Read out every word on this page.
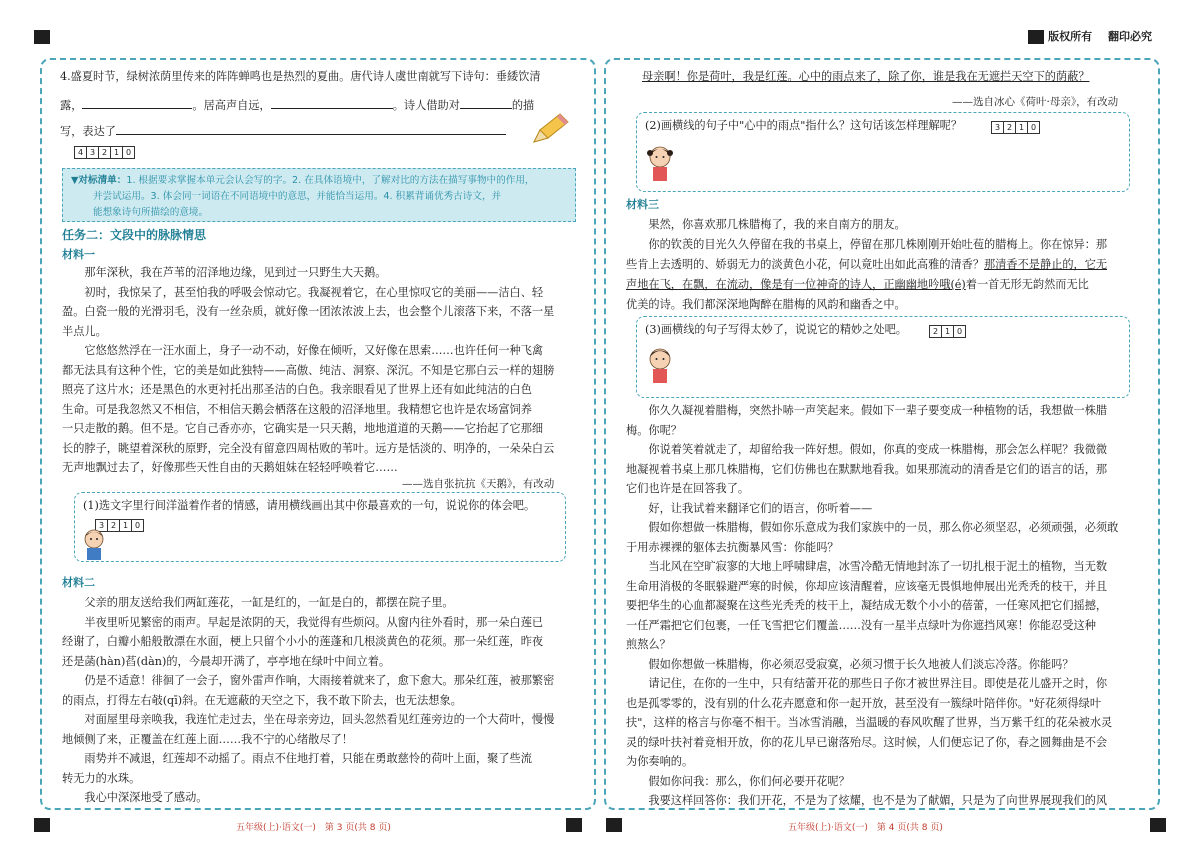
版权所有 翻印必究
4.盛夏时节，绿树浓荫里传来的阵阵蝉鸣也是热烈的夏曲。唐代诗人虞世南就写下诗句：垂緌饮清
露，	。居高声自远，	。诗人借助对	的描
写，表达了
4 3 2 1 0
▼对标清单：1. 根据要求掌握本单元会认会写的字。2. 在具体语境中，了解对比的方法在描写事物中的作用，
并尝试运用。3. 体会同一词语在不同语境中的意思，并能恰当运用。4. 积累背诵优秀古诗文，并
能想象诗句所描绘的意境。
任务二：文段中的脉脉情思
材料一
　　那年深秋，我在芦苇的沼泽地边缘，见到过一只野生大天鹅。
　　初时，我惊呆了，甚至怕我的呼吸会惊动它。我凝视着它，在心里惊叹它的美丽——洁白、轻
盈。白瓷一般的光滑羽毛，没有一丝杂质，就好像一团浓浓波上去，也会整个儿滚落下来，不落一星
半点儿。
　　它悠悠然浮在一汪水面上，身子一动不动，好像在倾听，又好像在思索……也许任何一种飞禽
都无法具有这种个性，它的美是如此独特——高傲、纯洁、洞察、深沉。不知是它那白云一样的翅膀
照亮了这片水；还是黑色的水更衬托出那圣洁的白色。我亲眼看见了世界上还有如此纯洁的白色
生命。可是我忽然又不相信，不相信天鹅会栖落在这般的沼泽地里。我精想它也许是农场富饲养
一只走散的鹅。但不是。它自己香亦亦，它确实是一只天鹅，地地道道的天鹅——它抬起了它那细
长的脖子，眺望着深秋的原野，完全没有留意四周枯败的苇叶。远方是恬淡的、明净的，一朵朵白云
无声地飘过去了，好像那些天性自由的天鹅姐妹在轻轻呼唤着它……
——选自张抗抗《天鹅》，有改动
(1)选文字里行间洋溢着作者的情感，请用横线画出其中你最喜欢的一句，说说你的体会吧。
3 2 1 0
材料二
　　父亲的朋友送给我们两缸莲花，一缸是红的，一缸是白的，都摆在院子里。
　　半夜里听见繁密的雨声。早起是浓阴的天，我觉得有些烦闷。从窗内往外看时，那一朵白莲已
经谢了，白瓣小船般散漂在水面，梗上只留个小小的莲蓬和几根淡黄色的花须。那一朵红莲，昨夜
还是菡(hàn)萏(dàn)的，今晨却开满了，亭亭地在绿叶中间立着。
　　仍是不适意！徘徊了一会子，窗外雷声作响，大雨接着就来了，愈下愈大。那朵红莲，被那繁密
的雨点，打得左右攲(qī)斜。在无遮蔽的天空之下，我不敢下阶去，也无法想象。
　　对面屋里母亲唤我，我连忙走过去，坐在母亲旁边，回头忽然看见红莲旁边的一个大荷叶，慢慢
地倾侧了来，正覆盖在红莲上面……我不宁的心绪散尽了！
　　雨势并不减退，红莲却不动摇了。雨点不住地打着，只能在勇敢慈怜的荷叶上面，聚了些流
转无力的水珠。
　　我心中深深地受了感动。
五年级(上)·语文(一)　第 3 页(共 8 页)
母亲啊！你是荷叶，我是红莲。心中的雨点来了，除了你，谁是我在无遮拦天空下的荫蔽？
——选自冰心《荷叶·母亲》，有改动
(2)画横线的句子中"心中的雨点"指什么？这句话该怎样理解呢？	3 2 1 0
材料三
　　果然，你喜欢那几株腊梅了，我的来自南方的朋友。
　　你的钦羡的目光久久停留在我的书桌上，停留在那几株刚刚开始吐苞的腊梅上。你在惊异：那
些肯上去透明的、娇弱无力的淡黄色小花，何以竟吐出如此高雅的清香？那清香不是静止的，它无
声地在飞，在飘，在流动，像是有一位神奇的诗人，正幽幽地吟哦(é)着一首无形无韵然而无比
优美的诗。我们都深深地陶醉在腊梅的风韵和幽香之中。
(3)画横线的句子写得太妙了，说说它的精妙之处吧。	2 1 0
　　你久久凝视着腊梅，突然扑哧一声笑起来。假如下一辈子要变成一种植物的话，我想做一株腊
梅。你呢？
　　你说着笑着就走了，却留给我一阵好想。假如，你真的变成一株腊梅，那会怎么样呢？我微微
地凝视着书桌上那几株腊梅，它们仿佛也在默默地看我。如果那流动的清香是它们的语言的话，那
它们也许是在回答我了。
　　好，让我试着来翻译它们的语言，你听着——
　　假如你想做一株腊梅，假如你乐意成为我们家族中的一员，那么你必须坚忍，必须顽强，必须敢
于用赤裸裸的躯体去抗衡暴风雪：你能吗？
　　当北风在空旷寂寥的大地上呼啸肆虐，冰雪冷酷无情地封冻了一切扎根于泥土的植物，当无数
生命用消极的冬眠躲避严寒的时候，你却应该清醒着，应该毫无畏惧地伸展出光秃秃的枝干，并且
要把华生的心血都凝聚在这些光秃秃的枝干上，凝结成无数个小小的蓓蕾，一任寒风把它们摇撼，
一任严霜把它们包裹，一任飞雪把它们覆盖……没有一星半点绿叶为你遮挡风寒！你能忍受这种
煎熬么？
　　假如你想做一株腊梅，你必须忍受寂寞，必须习惯于长久地被人们淡忘冷落。你能吗？
　　请记住，在你的一生中，只有结蕾开花的那些日子你才被世界注目。即使是花儿盛开之时，你
也是孤零零的，没有别的什么花卉愿意和你一起开放，甚至没有一簇绿叶陪伴你。"好花须得绿叶
扶"，这样的格言与你毫不相干。当冰雪消融，当温暖的春风吹醒了世界，当万紫千红的花朵被水灵
灵的绿叶扶衬着竞相开放，你的花儿早已谢落殆尽。这时候，人们便忘记了你，春之圆舞曲是不会
为你奏响的。
　　假如你问我：那么，你们何必要开花呢？
　　我要这样回答你：我们开花，不是为了炫耀，也不是为了献媚，只是为了向世界展现我们的风
五年级(上)·语文(一)　第 4 页(共 8 页)
